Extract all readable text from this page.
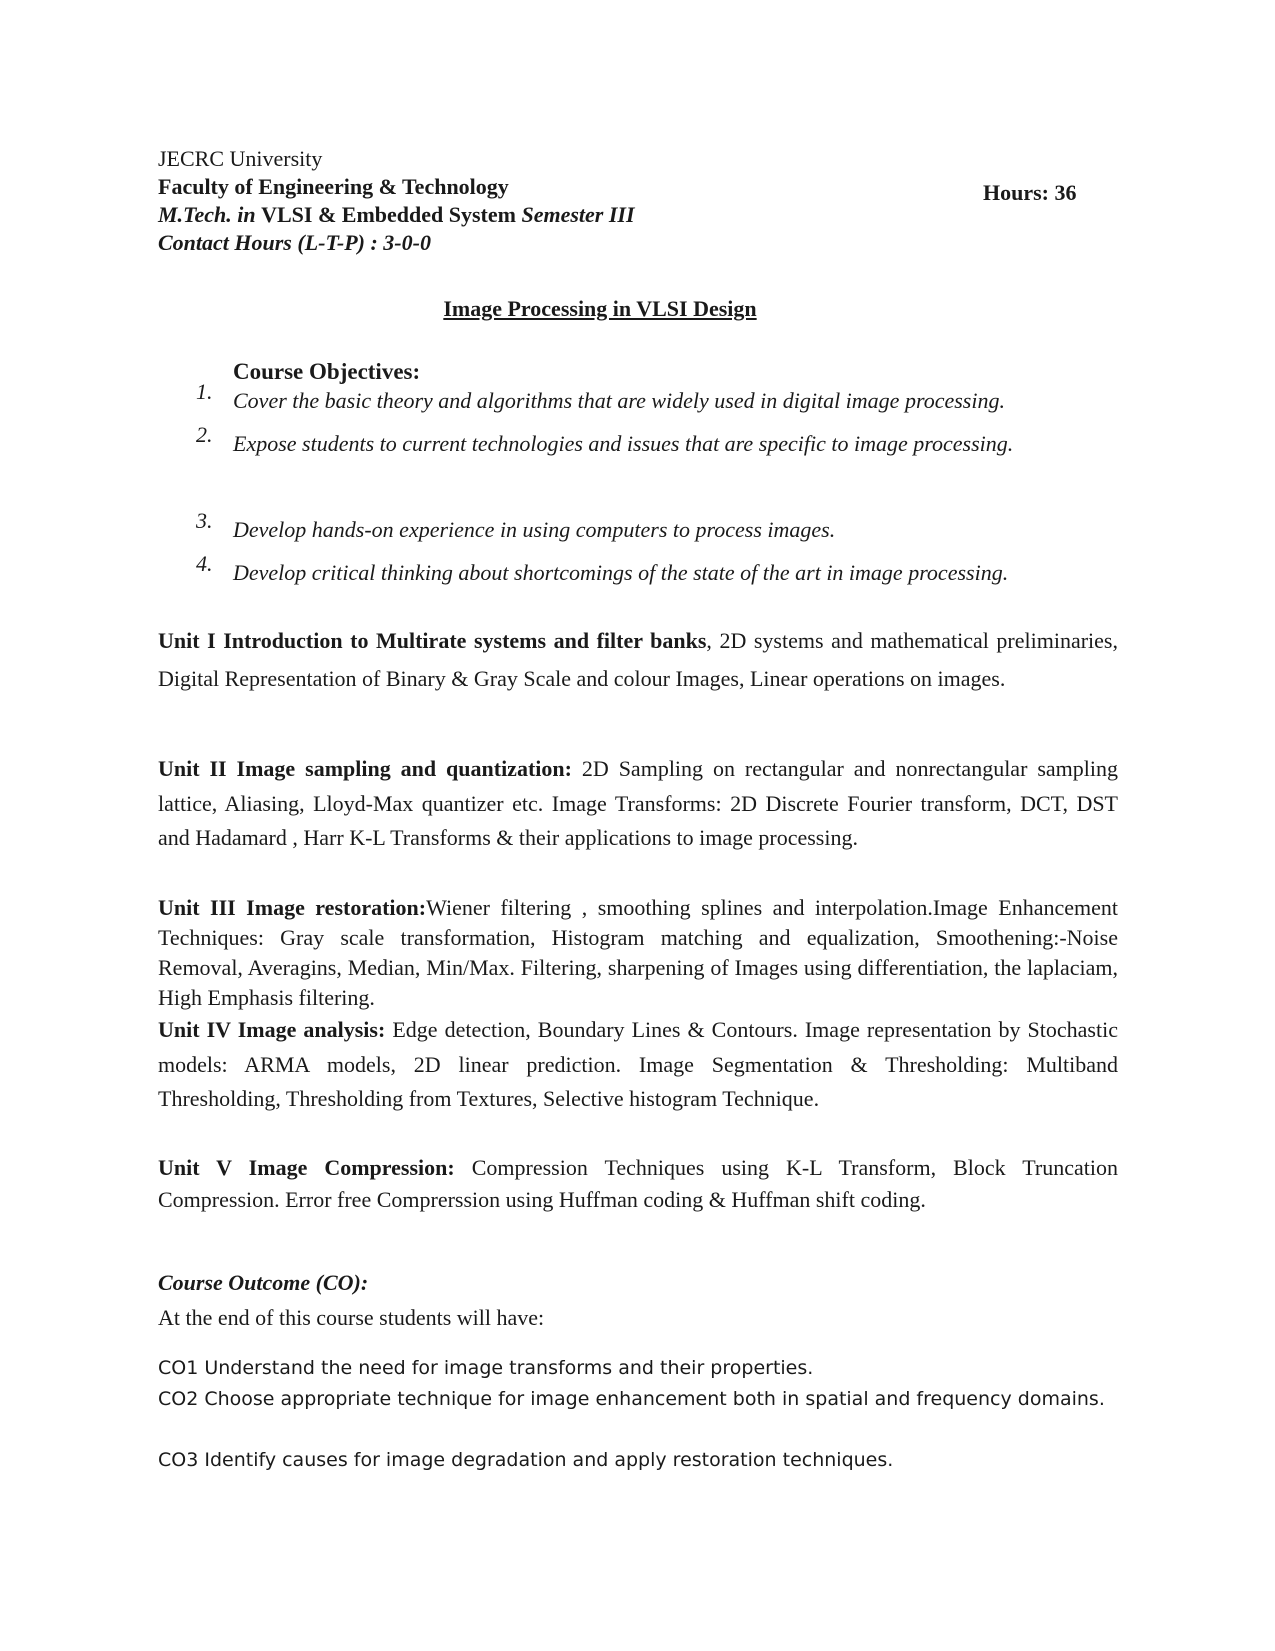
JECRC University
Faculty of Engineering & Technology
M.Tech. in VLSI & Embedded System Semester III
Contact Hours (L-T-P) : 3-0-0
Hours: 36
Image Processing in VLSI Design
Course Objectives:
1. Cover the basic theory and algorithms that are widely used in digital image processing.
2. Expose students to current technologies and issues that are specific to image processing.
3. Develop hands-on experience in using computers to process images.
4. Develop critical thinking about shortcomings of the state of the art in image processing.
Unit I Introduction to Multirate systems and filter banks, 2D systems and mathematical preliminaries, Digital Representation of Binary & Gray Scale and colour Images, Linear operations on images.
Unit II Image sampling and quantization: 2D Sampling on rectangular and nonrectangular sampling lattice, Aliasing, Lloyd-Max quantizer etc. Image Transforms: 2D Discrete Fourier transform, DCT, DST and Hadamard , Harr K-L Transforms & their applications to image processing.
Unit III Image restoration:Wiener filtering , smoothing splines and interpolation.Image Enhancement Techniques: Gray scale transformation, Histogram matching and equalization, Smoothening:-Noise Removal, Averagins, Median, Min/Max. Filtering, sharpening of Images using differentiation, the laplaciam, High Emphasis filtering.
Unit IV Image analysis: Edge detection, Boundary Lines & Contours. Image representation by Stochastic models: ARMA models, 2D linear prediction. Image Segmentation & Thresholding: Multiband Thresholding, Thresholding from Textures, Selective histogram Technique.
Unit V Image Compression: Compression Techniques using K-L Transform, Block Truncation Compression. Error free Comprerssion using Huffman coding & Huffman shift coding.
Course Outcome (CO):
At the end of this course students will have:
CO1 Understand the need for image transforms and their properties.
CO2 Choose appropriate technique for image enhancement both in spatial and frequency domains.
CO3 Identify causes for image degradation and apply restoration techniques.
